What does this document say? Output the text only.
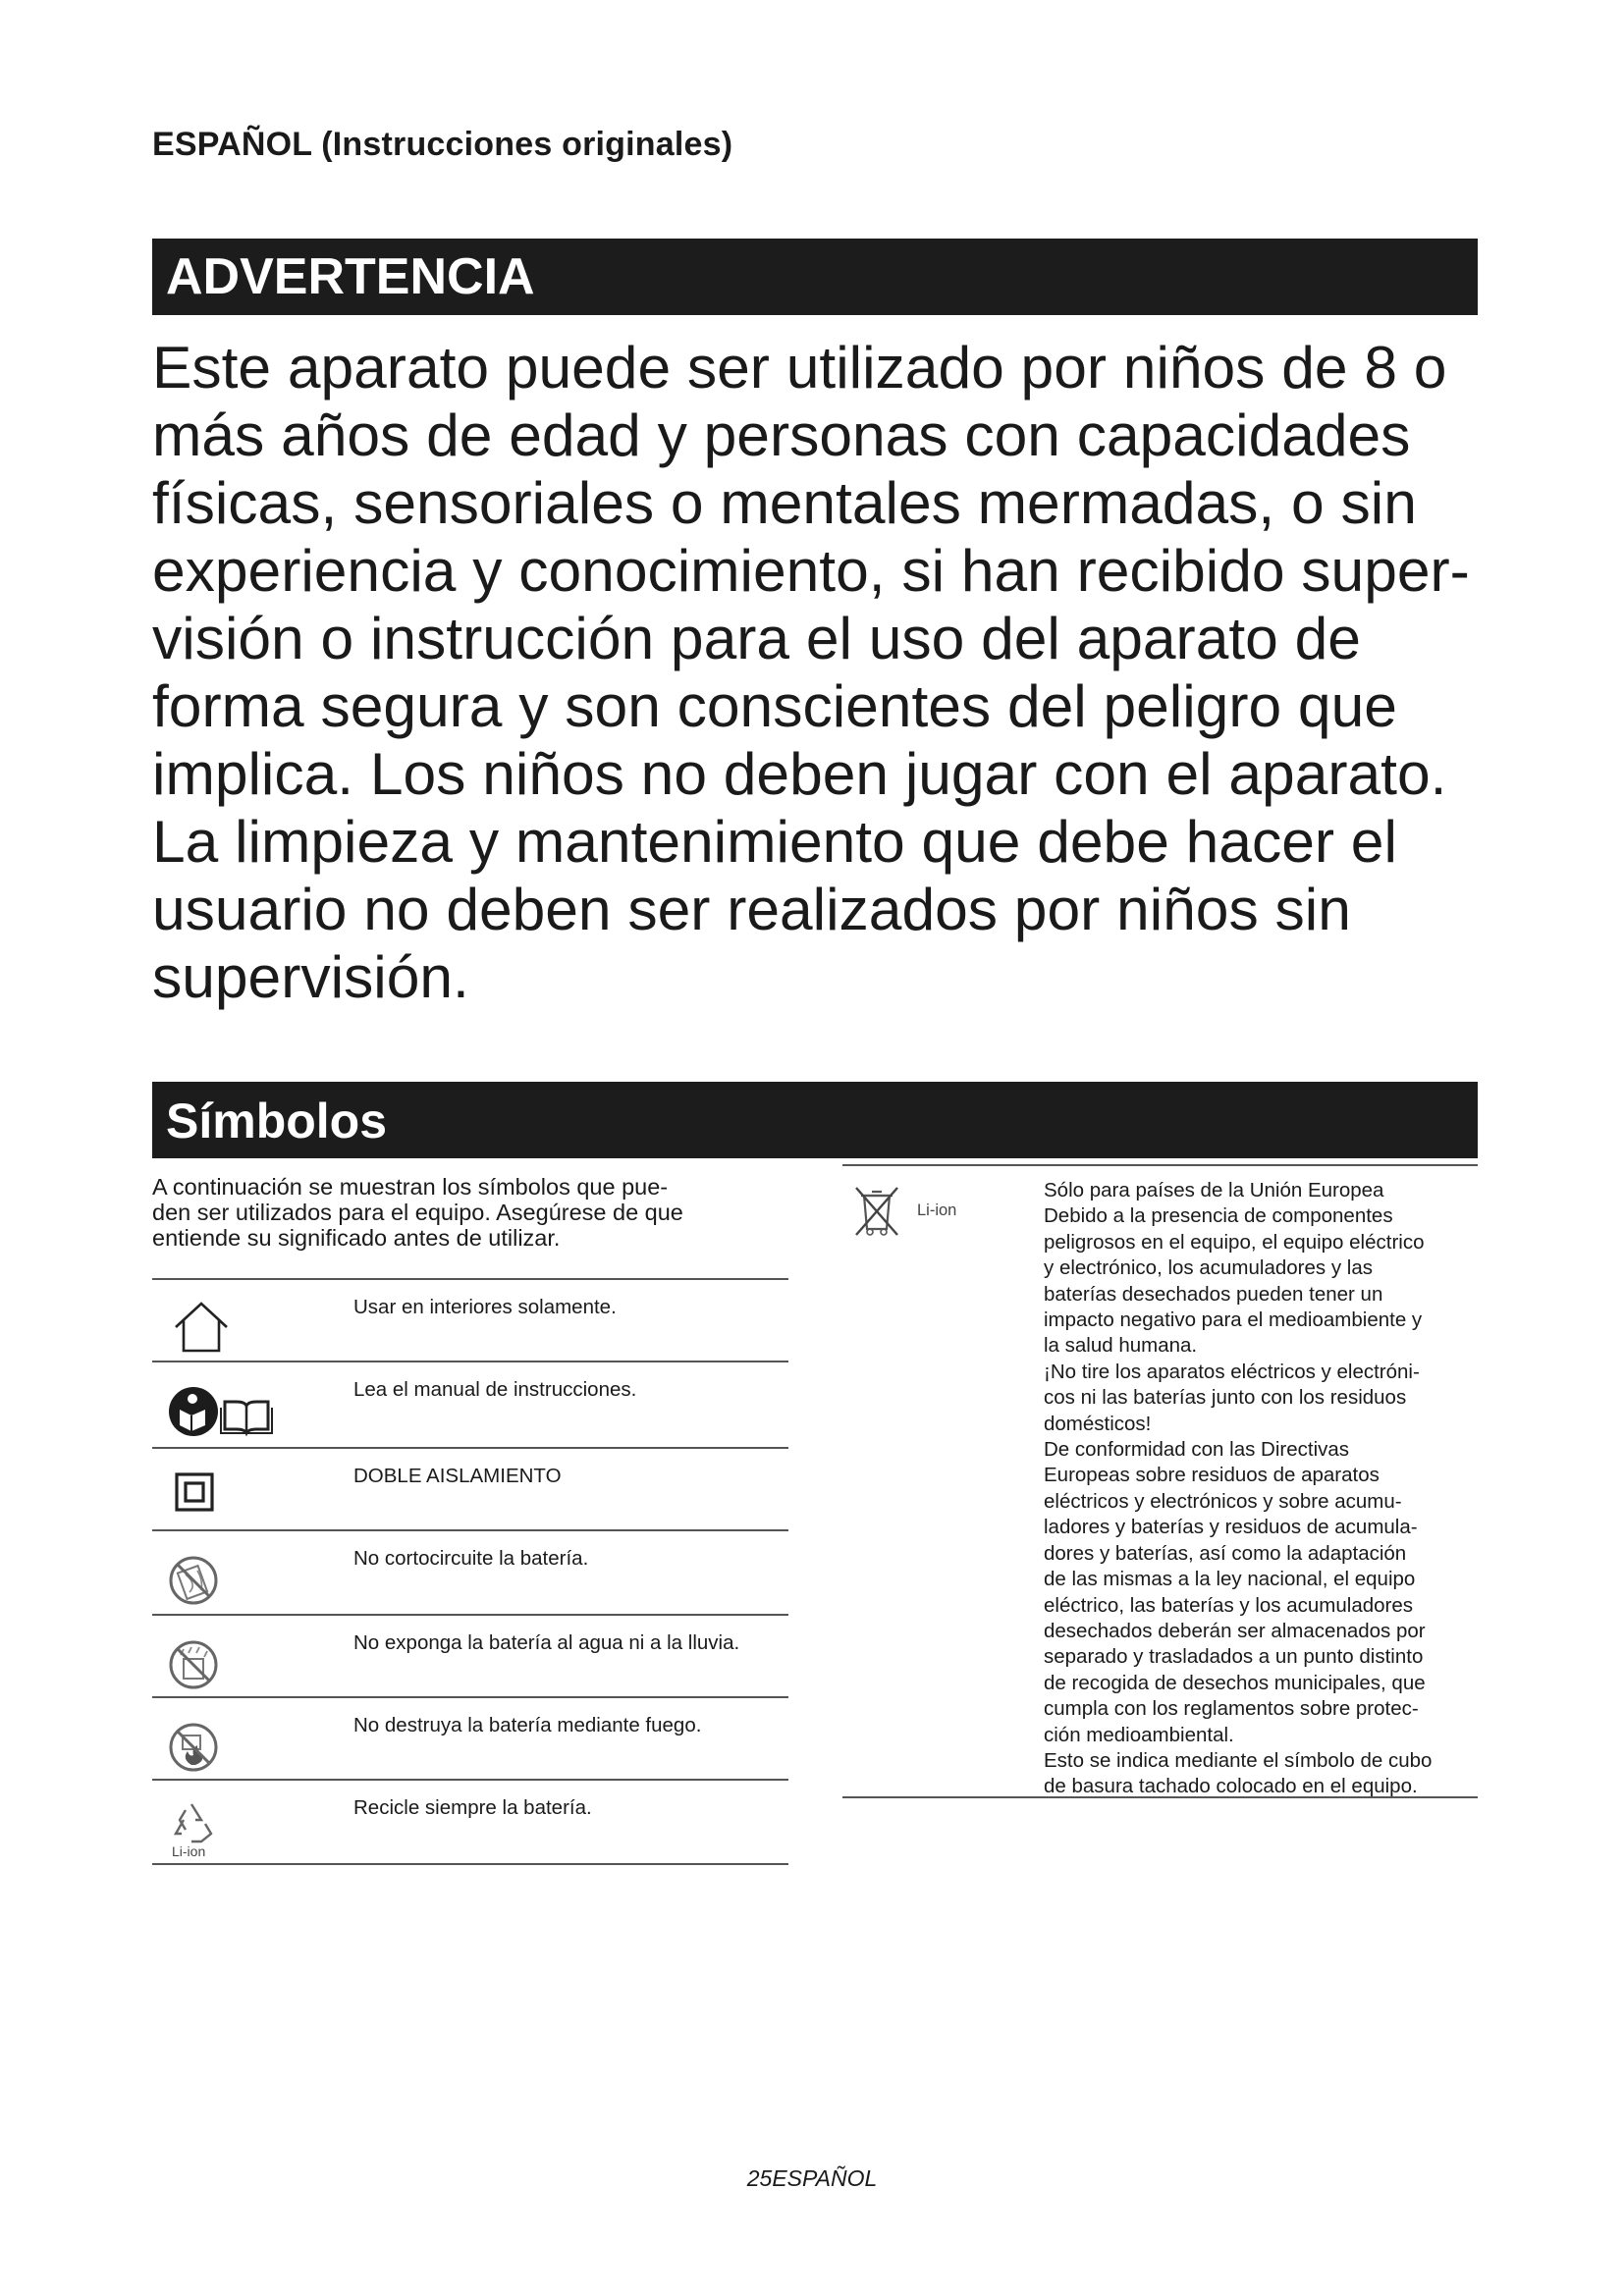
ESPAÑOL (Instrucciones originales)
ADVERTENCIA
Este aparato puede ser utilizado por niños de 8 o
más años de edad y personas con capacidades
físicas, sensoriales o mentales mermadas, o sin
experiencia y conocimiento, si han recibido super-
visión o instrucción para el uso del aparato de
forma segura y son conscientes del peligro que
implica. Los niños no deben jugar con el aparato.
La limpieza y mantenimiento que debe hacer el
usuario no deben ser realizados por niños sin
supervisión.
Símbolos
A continuación se muestran los símbolos que pue-
den ser utilizados para el equipo. Asegúrese de que
entiende su significado antes de utilizar.
Usar en interiores solamente.
Lea el manual de instrucciones.
DOBLE AISLAMIENTO
No cortocircuite la batería.
No exponga la batería al agua ni a la lluvia.
No destruya la batería mediante fuego.
Recicle siempre la batería.
Li-ion
Li-ion
Sólo para países de la Unión Europea
Debido a la presencia de componentes
peligrosos en el equipo, el equipo eléctrico
y electrónico, los acumuladores y las
baterías desechados pueden tener un
impacto negativo para el medioambiente y
la salud humana.
¡No tire los aparatos eléctricos y electróni-
cos ni las baterías junto con los residuos
domésticos!
De conformidad con las Directivas
Europeas sobre residuos de aparatos
eléctricos y electrónicos y sobre acumu-
ladores y baterías y residuos de acumula-
dores y baterías, así como la adaptación
de las mismas a la ley nacional, el equipo
eléctrico, las baterías y los acumuladores
desechados deberán ser almacenados por
separado y trasladados a un punto distinto
de recogida de desechos municipales, que
cumpla con los reglamentos sobre protec-
ción medioambiental.
Esto se indica mediante el símbolo de cubo
de basura tachado colocado en el equipo.
25ESPAÑOL
